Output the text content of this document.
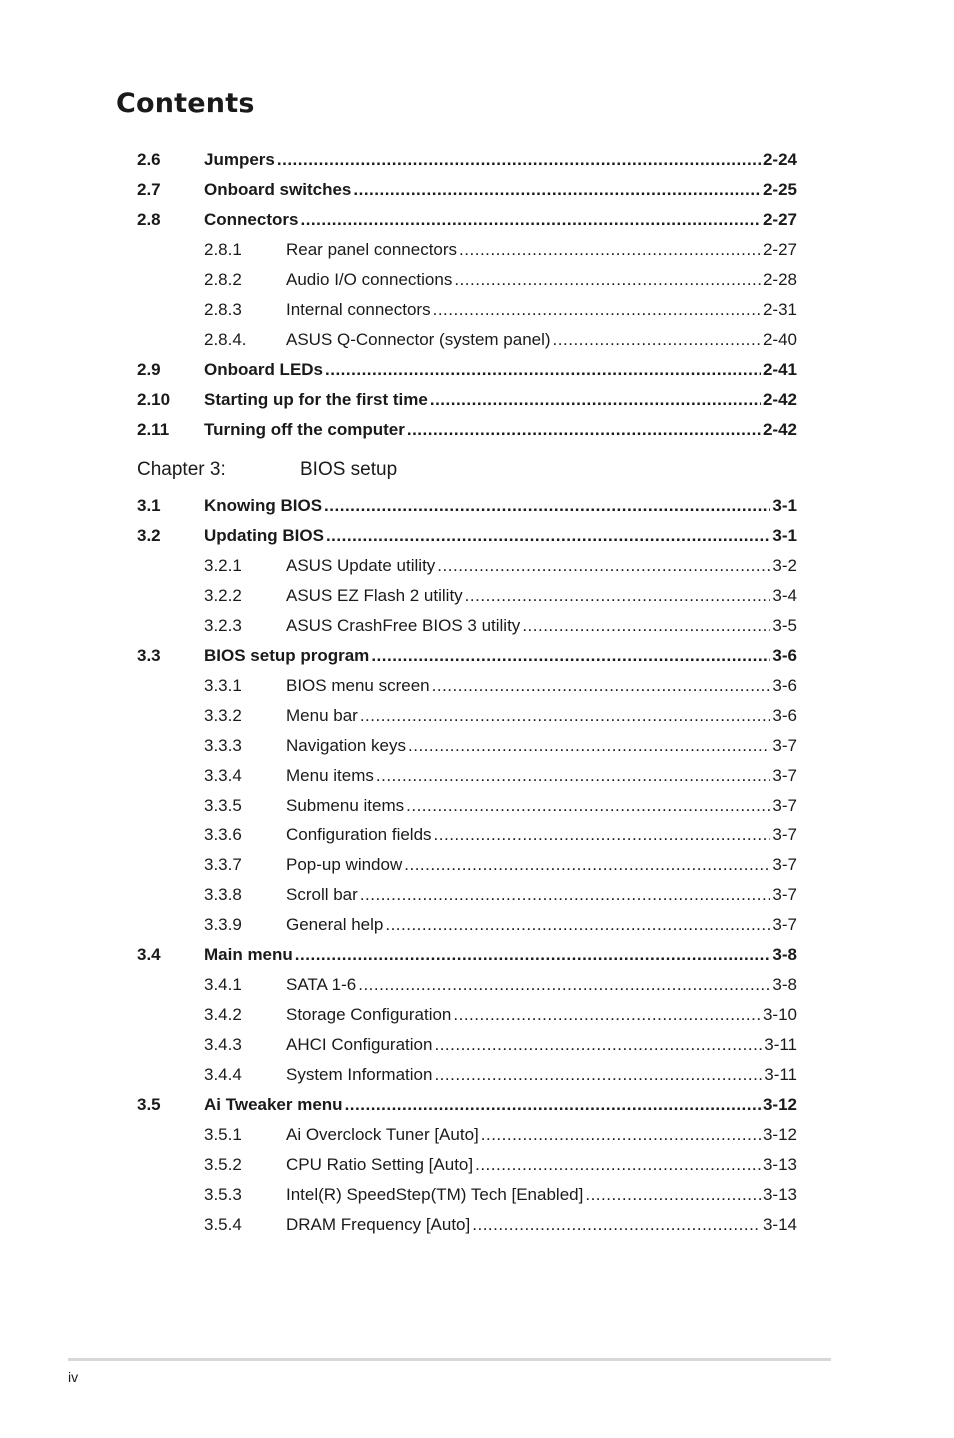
Contents
2.6	Jumpers .....	2-24
2.7	Onboard switches .....	2-25
2.8	Connectors .....	2-27
2.8.1	Rear panel connectors .....	2-27
2.8.2	Audio I/O connections .....	2-28
2.8.3	Internal connectors .....	2-31
2.8.4. ASUS Q-Connector (system panel) .....	2-40
2.9	Onboard LEDs .....	2-41
2.10 Starting up for the first time .....	2-42
2.11 Turning off the computer .....	2-42
Chapter 3:	BIOS setup
3.1	Knowing BIOS .....	3-1
3.2	Updating BIOS .....	3-1
3.2.1	ASUS Update utility .....	3-2
3.2.2	ASUS EZ Flash 2 utility .....	3-4
3.2.3	ASUS CrashFree BIOS 3 utility .....	3-5
3.3	BIOS setup program .....	3-6
3.3.1	BIOS menu screen .....	3-6
3.3.2	Menu bar .....	3-6
3.3.3	Navigation keys .....	3-7
3.3.4	Menu items .....	3-7
3.3.5	Submenu items .....	3-7
3.3.6	Configuration fields .....	3-7
3.3.7	Pop-up window .....	3-7
3.3.8	Scroll bar .....	3-7
3.3.9	General help .....	3-7
3.4	Main menu .....	3-8
3.4.1	SATA 1-6 .....	3-8
3.4.2	Storage Configuration .....	3-10
3.4.3	AHCI Configuration .....	3-11
3.4.4	System Information .....	3-11
3.5	Ai Tweaker menu .....	3-12
3.5.1	Ai Overclock Tuner [Auto] .....	3-12
3.5.2	CPU Ratio Setting [Auto] .....	3-13
3.5.3	Intel(R) SpeedStep(TM) Tech [Enabled] .....	3-13
3.5.4	DRAM Frequency [Auto] .....	3-14
iv
